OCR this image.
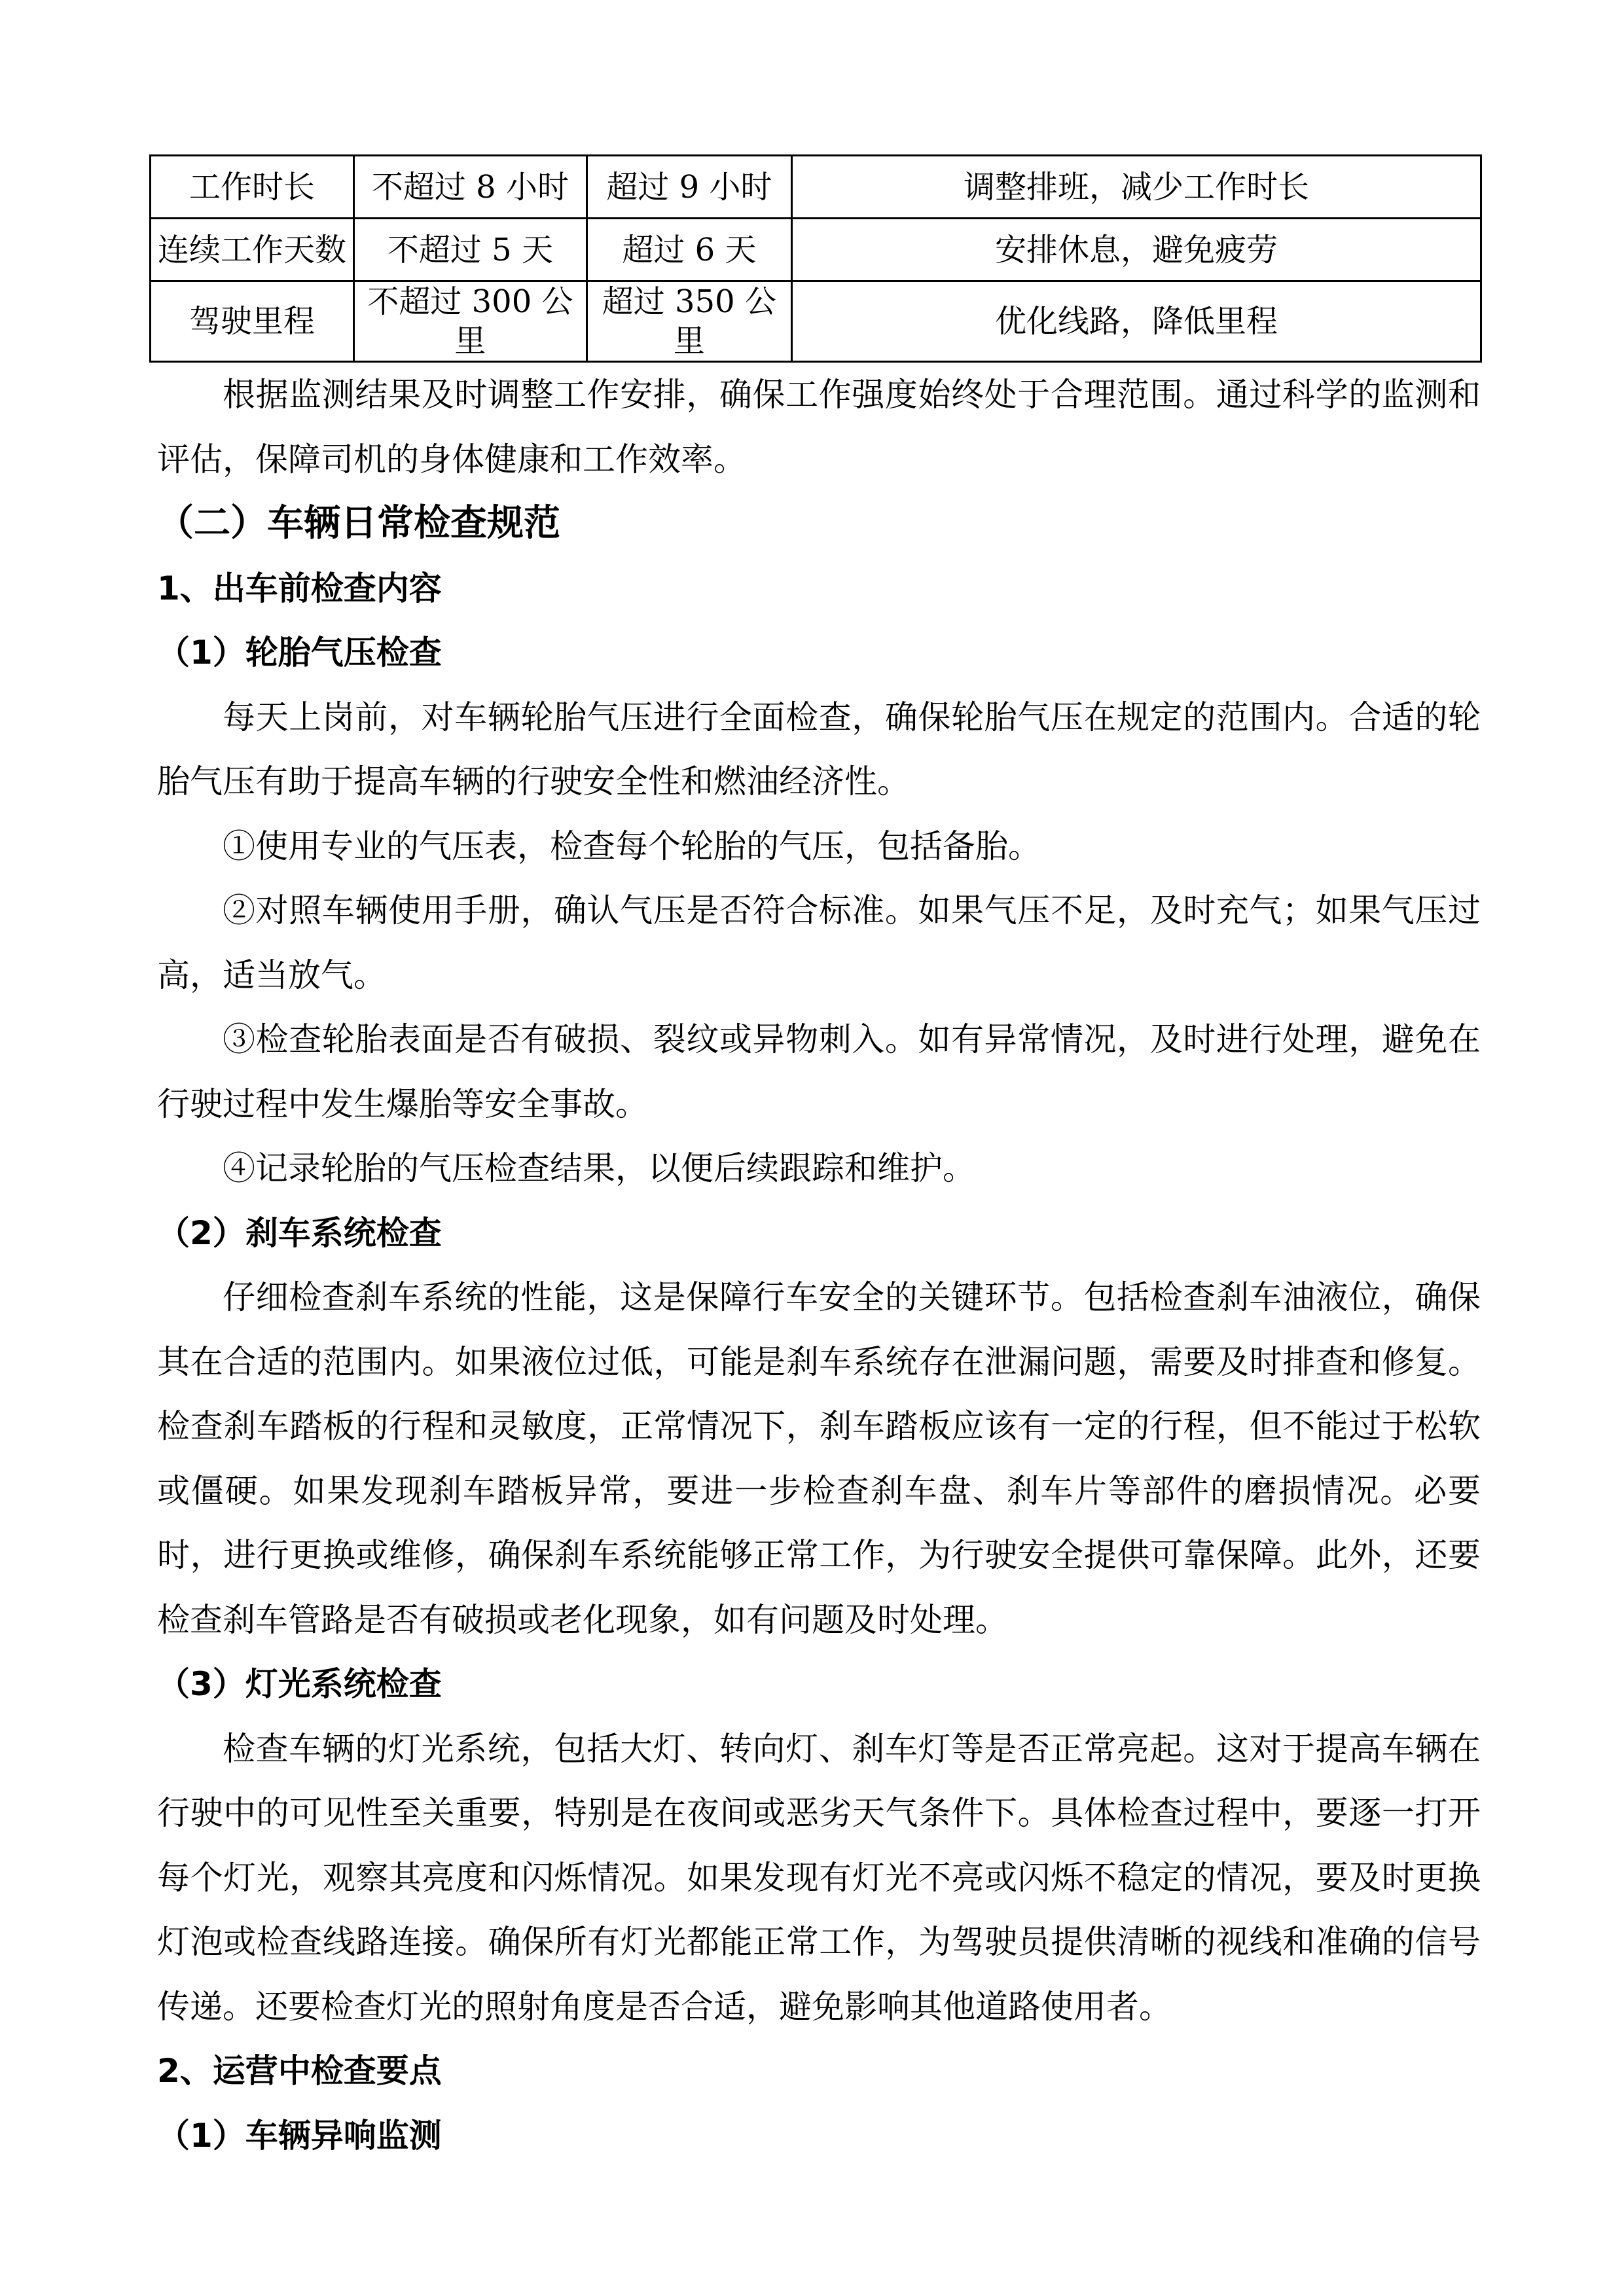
工作时长	不超过 8 小时	超过 9 小时	调整排班，减少工作时长
连续工作天数	不超过 5 天	超过 6 天	安排休息，避免疲劳
驾驶里程	不超过 300 公里	超过 350 公里	优化线路，降低里程

根据监测结果及时调整工作安排，确保工作强度始终处于合理范围。通过科学的监测和评估，保障司机的身体健康和工作效率。

（二）车辆日常检查规范
1、出车前检查内容
（1）轮胎气压检查

每天上岗前，对车辆轮胎气压进行全面检查，确保轮胎气压在规定的范围内。合适的轮胎气压有助于提高车辆的行驶安全性和燃油经济性。

①使用专业的气压表，检查每个轮胎的气压，包括备胎。

②对照车辆使用手册，确认气压是否符合标准。如果气压不足，及时充气；如果气压过高，适当放气。

③检查轮胎表面是否有破损、裂纹或异物刺入。如有异常情况，及时进行处理，避免在行驶过程中发生爆胎等安全事故。

④记录轮胎的气压检查结果，以便后续跟踪和维护。

（2）刹车系统检查

仔细检查刹车系统的性能，这是保障行车安全的关键环节。包括检查刹车油液位，确保其在合适的范围内。如果液位过低，可能是刹车系统存在泄漏问题，需要及时排查和修复。检查刹车踏板的行程和灵敏度，正常情况下，刹车踏板应该有一定的行程，但不能过于松软或僵硬。如果发现刹车踏板异常，要进一步检查刹车盘、刹车片等部件的磨损情况。必要时，进行更换或维修，确保刹车系统能够正常工作，为行驶安全提供可靠保障。此外，还要检查刹车管路是否有破损或老化现象，如有问题及时处理。

（3）灯光系统检查

检查车辆的灯光系统，包括大灯、转向灯、刹车灯等是否正常亮起。这对于提高车辆在行驶中的可见性至关重要，特别是在夜间或恶劣天气条件下。具体检查过程中，要逐一打开每个灯光，观察其亮度和闪烁情况。如果发现有灯光不亮或闪烁不稳定的情况，要及时更换灯泡或检查线路连接。确保所有灯光都能正常工作，为驾驶员提供清晰的视线和准确的信号传递。还要检查灯光的照射角度是否合适，避免影响其他道路使用者。

2、运营中检查要点
（1）车辆异响监测
